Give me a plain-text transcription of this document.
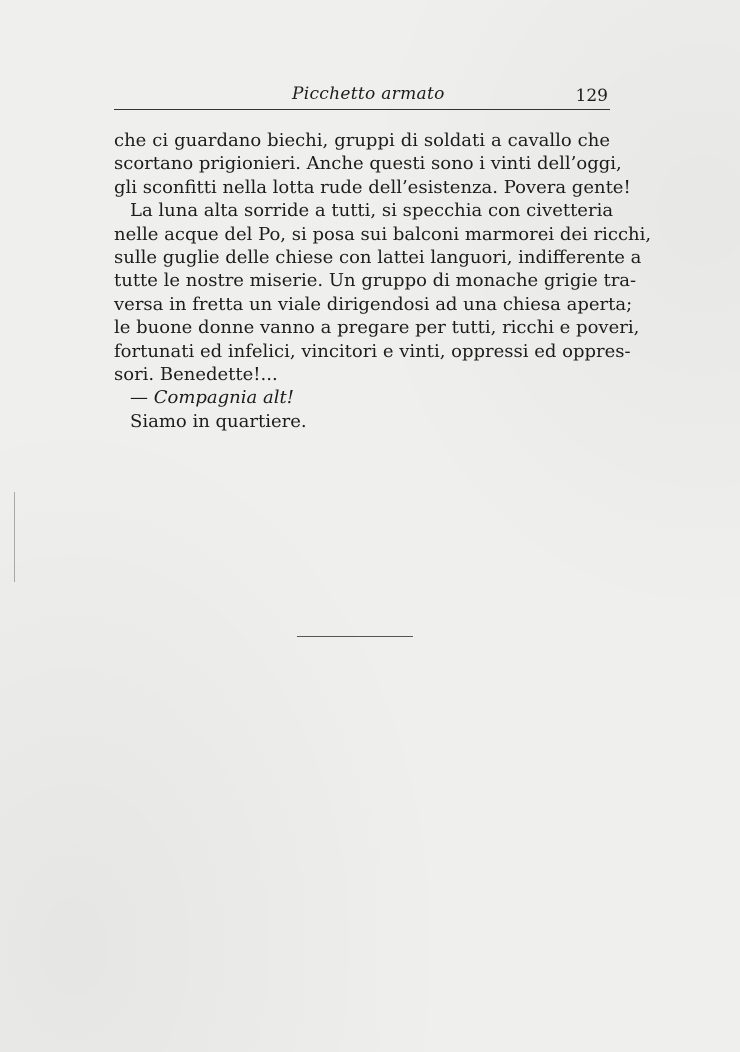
Picchetto armato	129
che ci guardano biechi, gruppi di soldati a cavallo che
scortano prigionieri. Anche questi sono i vinti dell’oggi,
gli sconfitti nella lotta rude dell’esistenza. Povera gente!
La luna alta sorride a tutti, si specchia con civetteria
nelle acque del Po, si posa sui balconi marmorei dei ricchi,
sulle guglie delle chiese con lattei languori, indifferente a
tutte le nostre miserie. Un gruppo di monache grigie tra-
versa in fretta un viale dirigendosi ad una chiesa aperta;
le buone donne vanno a pregare per tutti, ricchi e poveri,
fortunati ed infelici, vincitori e vinti, oppressi ed oppres-
sori. Benedette!...
— Compagnia alt!
Siamo in quartiere.
